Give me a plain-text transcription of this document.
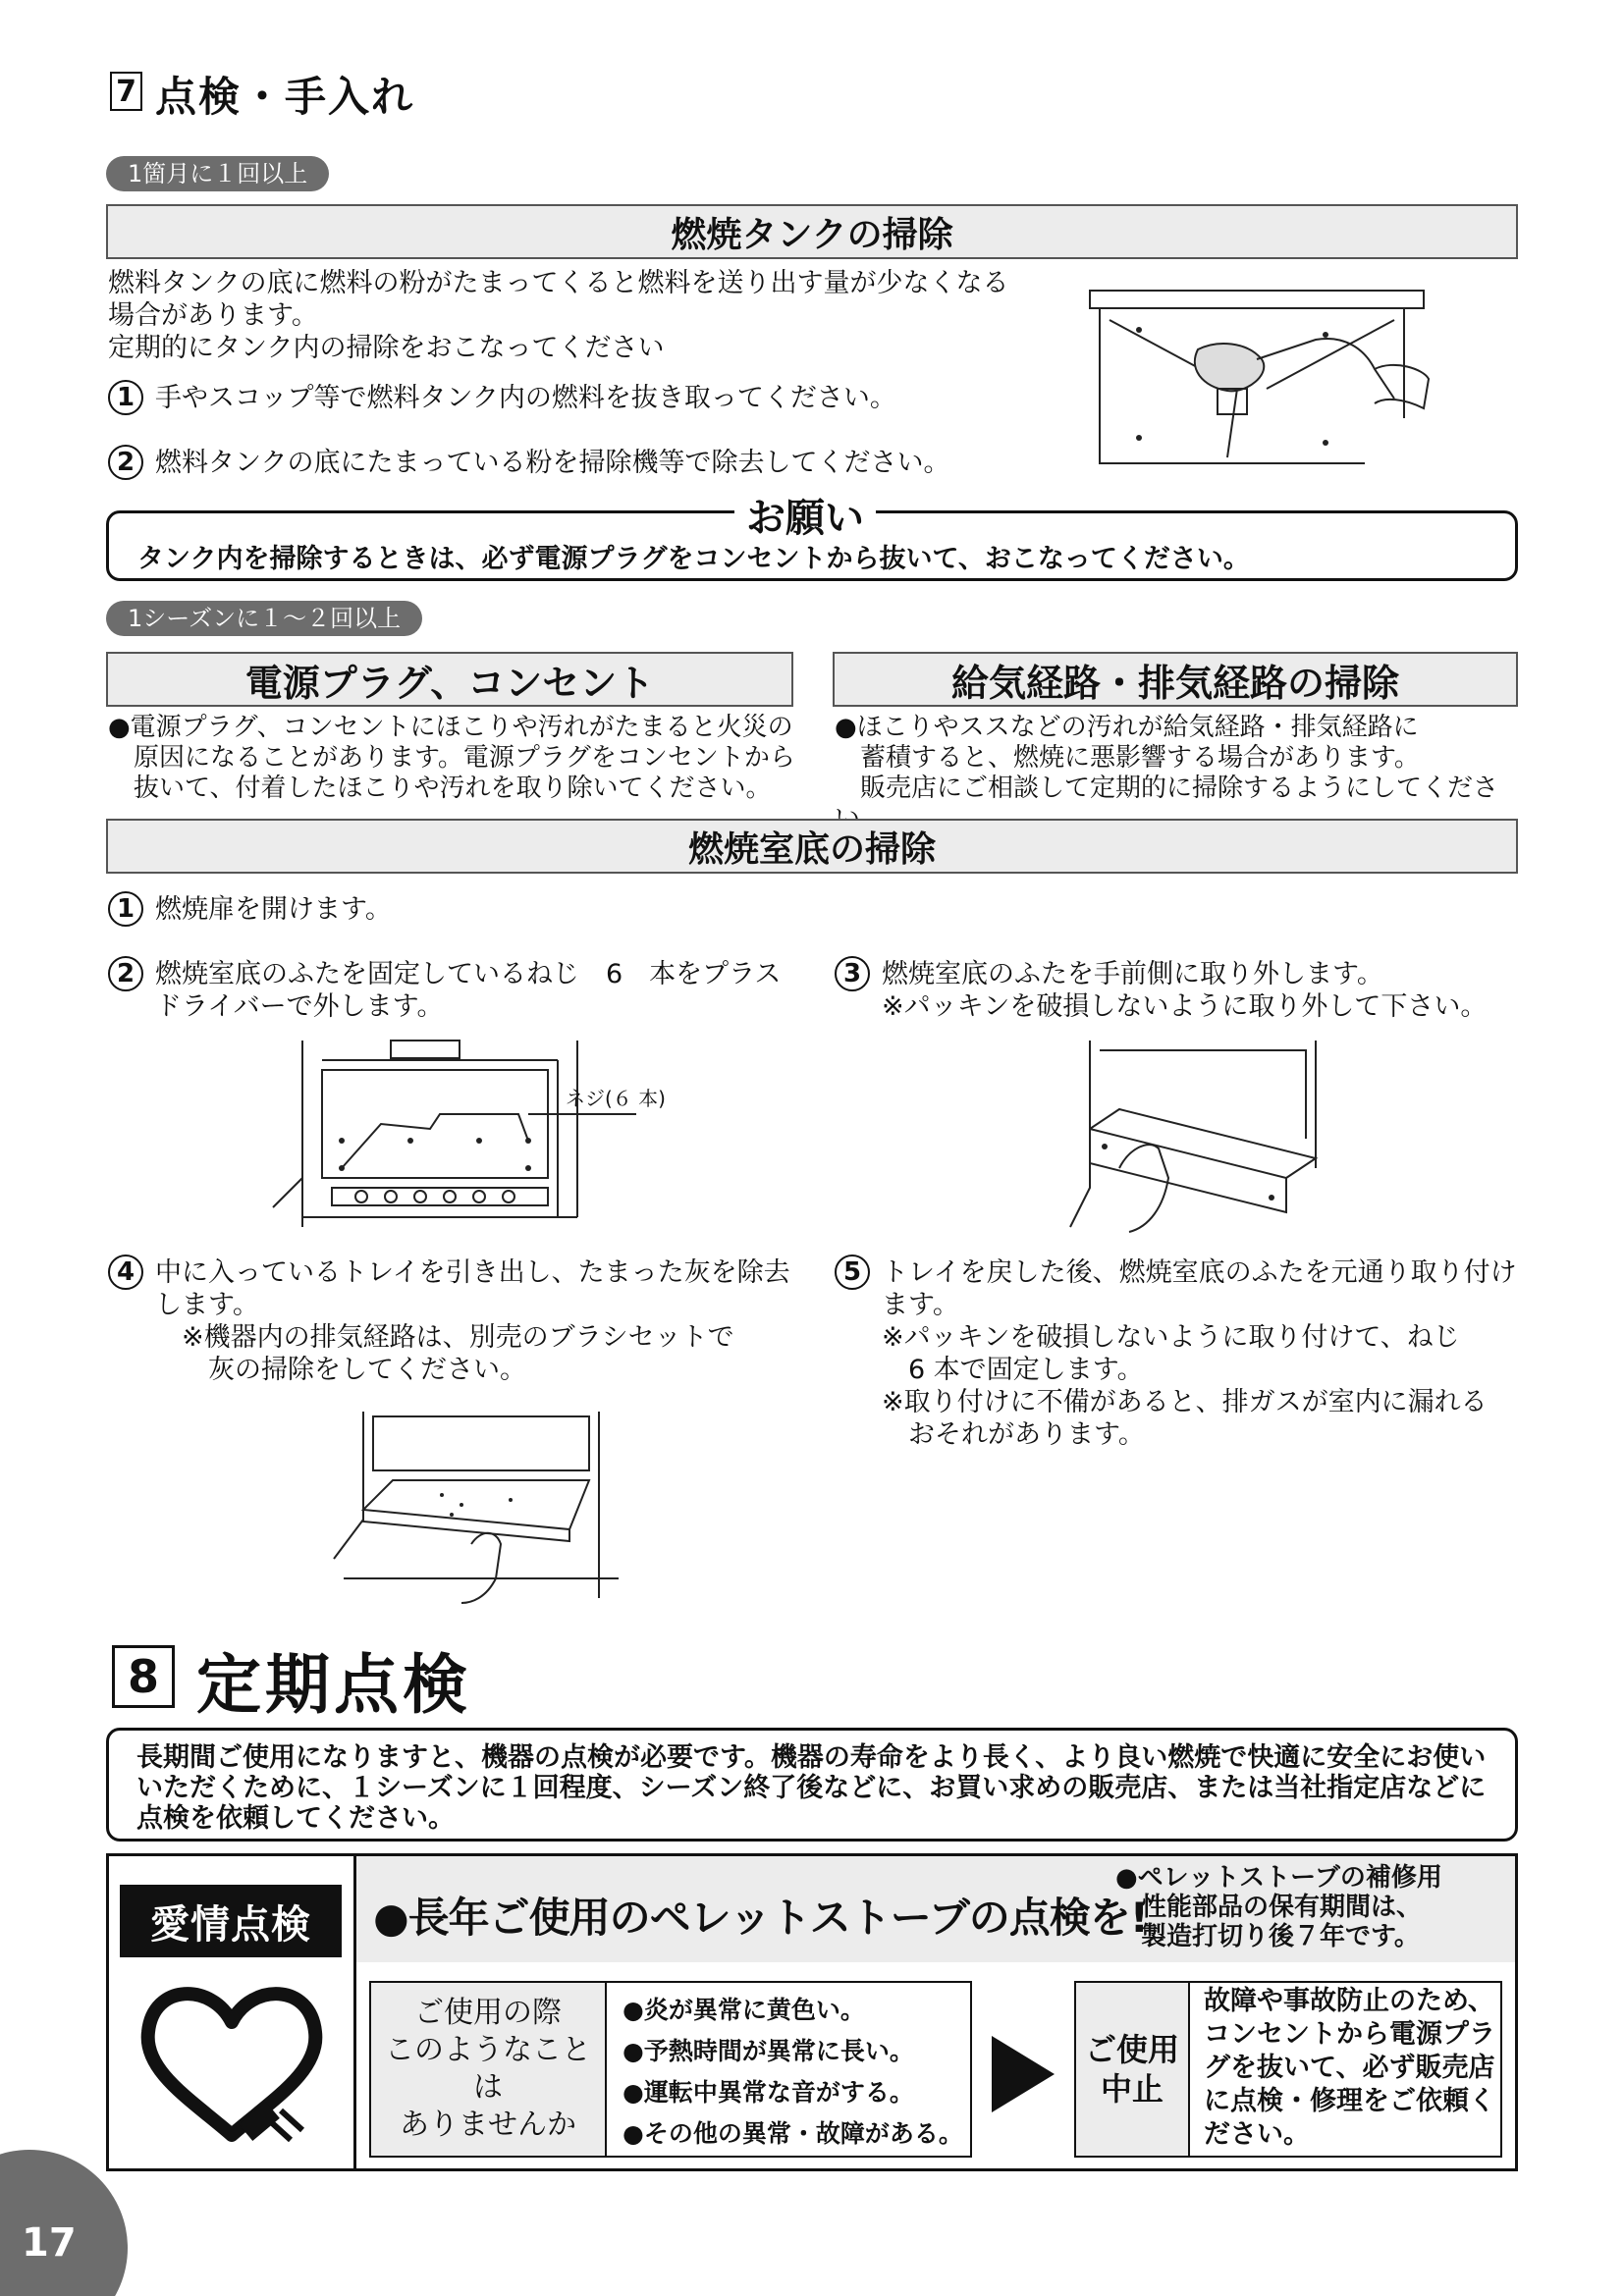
7 点検・手入れ
1箇月に１回以上
燃焼タンクの掃除
燃料タンクの底に燃料の粉がたまってくると燃料を送り出す量が少なくなる場合があります。
定期的にタンク内の掃除をおこなってください
1 手やスコップ等で燃料タンク内の燃料を抜き取ってください。
2 燃料タンクの底にたまっている粉を掃除機等で除去してください。
お願い
タンク内を掃除するときは、必ず電源プラグをコンセントから抜いて、おこなってください。
1シーズンに１～２回以上
電源プラグ、コンセント	給気経路・排気経路の掃除
●電源プラグ、コンセントにほこりや汚れがたまると火災の
　原因になることがあります。電源プラグをコンセントから
　抜いて、付着したほこりや汚れを取り除いてください。
●ほこりやススなどの汚れが給気経路・排気経路に
　蓄積すると、燃焼に悪影響する場合があります。
　販売店にご相談して定期的に掃除するようにしてくださ
燃焼室底の掃除
1 燃焼扉を開けます。
2 燃焼室底のふたを固定しているねじ　6　本をプラスドライバーで外します。
3 燃焼室底のふたを手前側に取り外します。
※パッキンを破損しないように取り外して下さい。
ネジ(６ 本)
4 中に入っているトレイを引き出し、たまった灰を除去します。
　※機器内の排気経路は、別売のブラシセットで
　　灰の掃除をしてください。
5 トレイを戻した後、燃焼室底のふたを元通り取り付けます。
※パッキンを破損しないように取り付けて、ねじ
　6 本で固定します。
※取り付けに不備があると、排ガスが室内に漏れる
　おそれがあります。
8 定期点検
長期間ご使用になりますと、機器の点検が必要です。機器の寿命をより長く、より良い燃焼で快適に安全にお使いいただくために、１シーズンに１回程度、シーズン終了後などに、お買い求めの販売店、または当社指定店などに点検を依頼してください。
愛情点検	●長年ご使用のペレットストーブの点検を!
●ペレットストーブの補修用
　性能部品の保有期間は、
　製造打切り後７年です。
ご使用の際
このようなことは
ありませんか
●炎が異常に黄色い。
●予熱時間が異常に長い。
●運転中異常な音がする。
●その他の異常・故障がある。
ご使用
中止
故障や事故防止のため、コンセントから電源プラグを抜いて、必ず販売店に点検・修理をご依頼ください。
17
